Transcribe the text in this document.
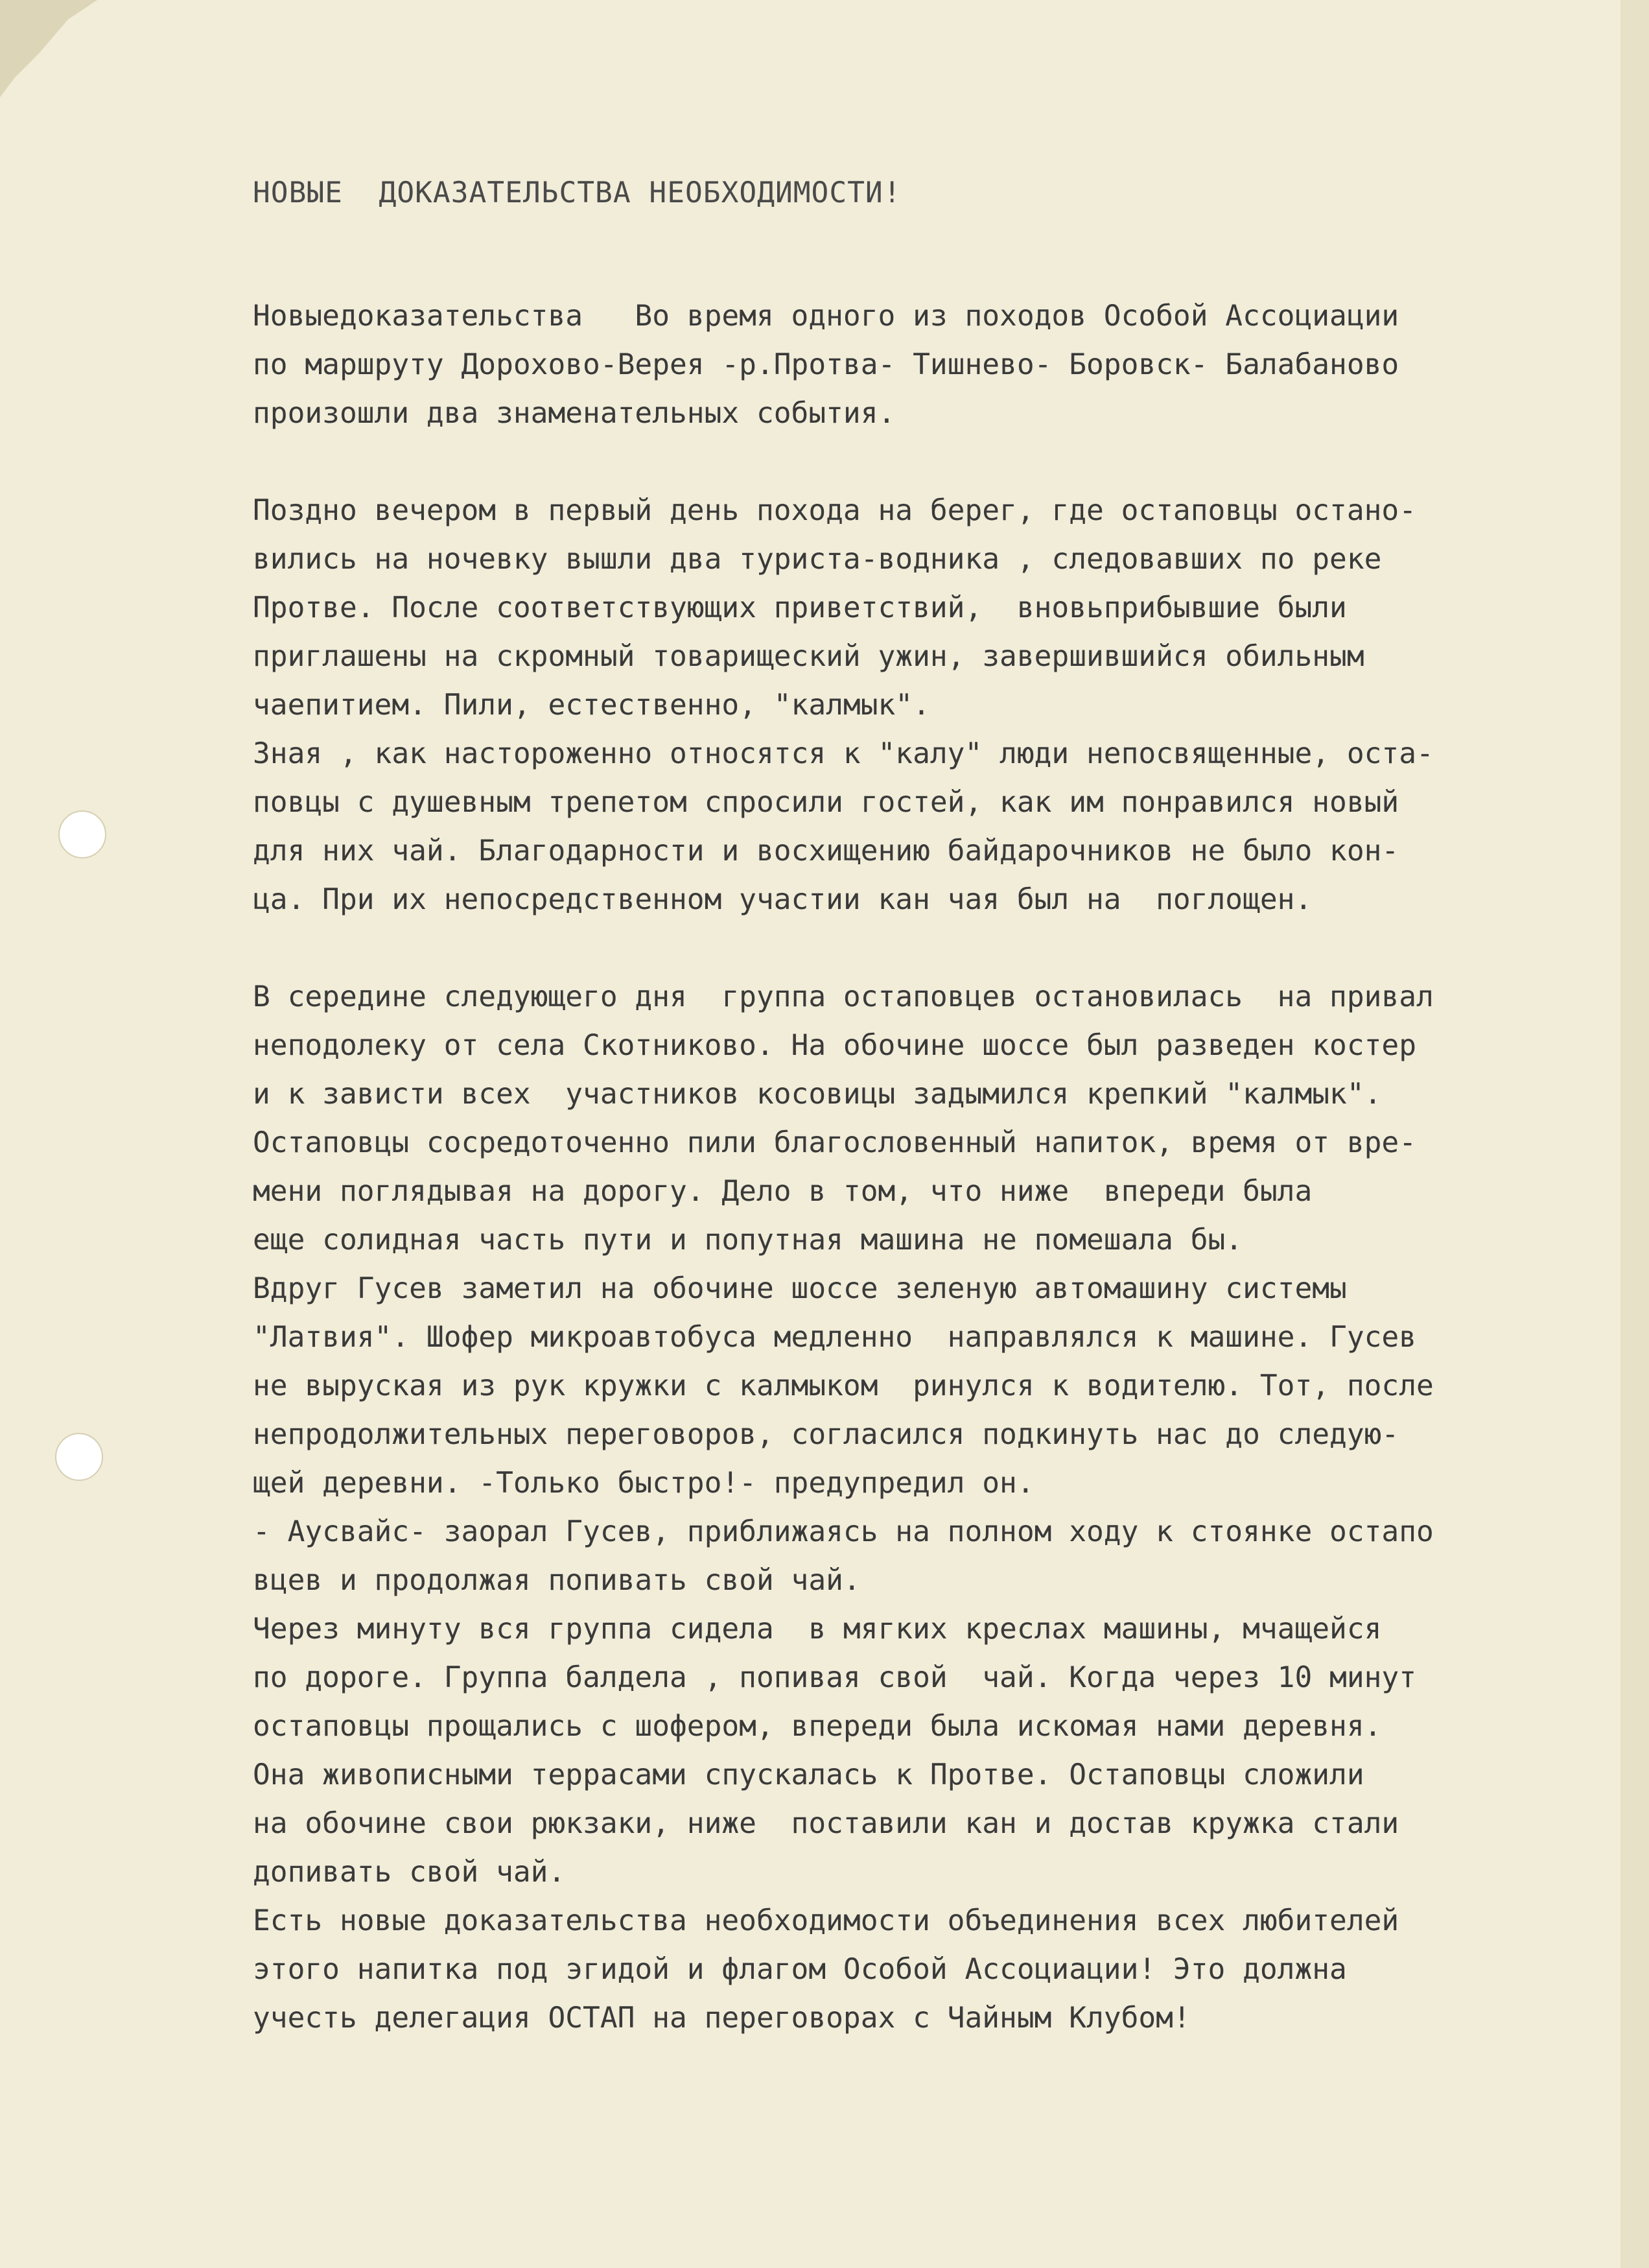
НОВЫЕ  ДОКАЗАТЕЛЬСТВА НЕОБХОДИМОСТИ!
Новыедоказательства   Во время одного из походов Особой Ассоциации
по маршруту Дорохово-Верея -р.Протва- Тишнево- Боровск- Балабаново
произошли два знаменательных события.
Поздно вечером в первый день похода на берег, где остаповцы остано-
вились на ночевку вышли два туриста-водника , следовавших по реке
Протве. После соответствующих приветствий,  вновьприбывшие были
приглашены на скромный товарищеский ужин, завершившийся обильным
чаепитием. Пили, естественно, "калмык".
Зная , как настороженно относятся к "калу" люди непосвященные, оста-
повцы с душевным трепетом спросили гостей, как им понравился новый
для них чай. Благодарности и восхищению байдарочников не было кон-
ца. При их непосредственном участии кан чая был на  поглощен.
В середине следующего дня  группа остаповцев остановилась  на привал
неподолеку от села Скотниково. На обочине шоссе был разведен костер
и к зависти всех  участников косовицы задымился крепкий "калмык".
Остаповцы сосредоточенно пили благословенный напиток, время от вре-
мени поглядывая на дорогу. Дело в том, что ниже  впереди была
еще солидная часть пути и попутная машина не помешала бы.
Вдруг Гусев заметил на обочине шоссе зеленую автомашину системы
"Латвия". Шофер микроавтобуса медленно  направлялся к машине. Гусев
не выруская из рук кружки с калмыком  ринулся к водителю. Тот, после
непродолжительных переговоров, согласился подкинуть нас до следую-
щей деревни. -Только быстро!- предупредил он.
- Аусвайс- заорал Гусев, приближаясь на полном ходу к стоянке остапо
вцев и продолжая попивать свой чай.
Через минуту вся группа сидела  в мягких креслах машины, мчащейся
по дороге. Группа балдела , попивая свой  чай. Когда через 10 минут
остаповцы прощались с шофером, впереди была искомая нами деревня.
Она живописными террасами спускалась к Протве. Остаповцы сложили
на обочине свои рюкзаки, ниже  поставили кан и достав кружка стали
допивать свой чай.
Есть новые доказательства необходимости объединения всех любителей
этого напитка под эгидой и флагом Особой Ассоциации! Это должна
учесть делегация ОСТАП на переговорах с Чайным Клубом!
